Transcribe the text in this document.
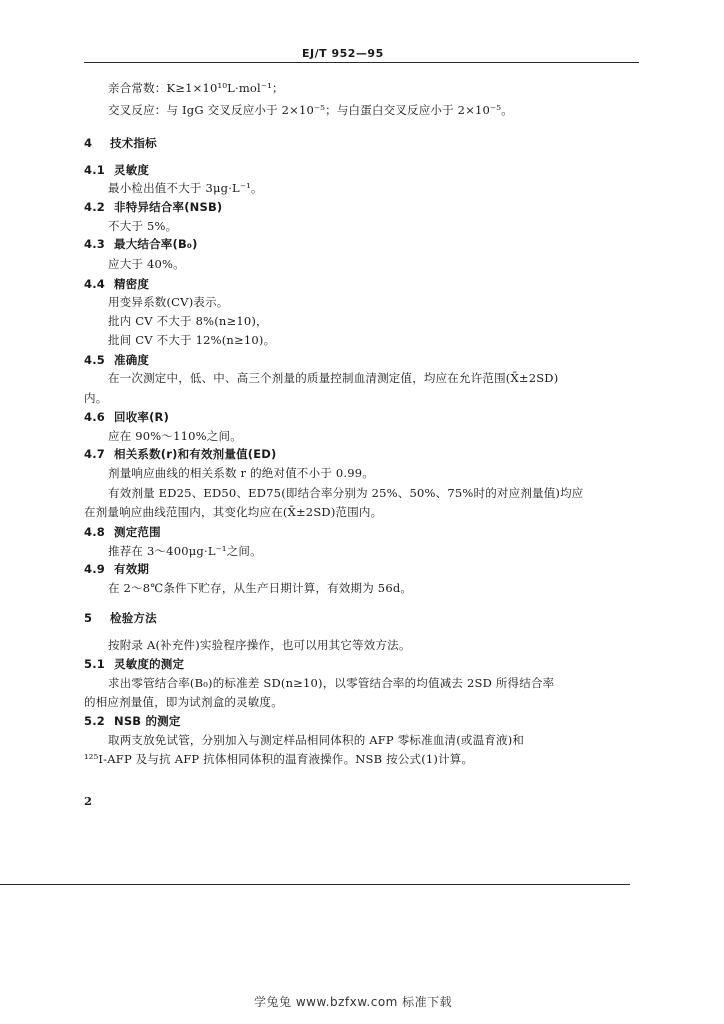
EJ/T 952—95
亲合常数：K≥1×10¹⁰L·mol⁻¹；
交叉反应：与 IgG 交叉反应小于 2×10⁻⁵；与白蛋白交叉反应小于 2×10⁻⁵。
4 技术指标
4.1 灵敏度
最小检出值不大于 3μg·L⁻¹。
4.2 非特异结合率(NSB)
不大于 5%。
4.3 最大结合率(B₀)
应大于 40%。
4.4 精密度
用变异系数(CV)表示。
批内 CV 不大于 8%(n≥10)，
批间 CV 不大于 12%(n≥10)。
4.5 准确度
在一次测定中，低、中、高三个剂量的质量控制血清测定值，均应在允许范围(X̄±2SD)
内。
4.6 回收率(R)
应在 90%～110%之间。
4.7 相关系数(r)和有效剂量值(ED)
剂量响应曲线的相关系数 r 的绝对值不小于 0.99。
有效剂量 ED25、ED50、ED75(即结合率分别为 25%、50%、75%时的对应剂量值)均应
在剂量响应曲线范围内，其变化均应在(X̄±2SD)范围内。
4.8 测定范围
推荐在 3～400μg·L⁻¹之间。
4.9 有效期
在 2～8℃条件下贮存，从生产日期计算，有效期为 56d。
5 检验方法
按附录 A(补充件)实验程序操作，也可以用其它等效方法。
5.1 灵敏度的测定
求出零管结合率(B₀)的标准差 SD(n≥10)，以零管结合率的均值减去 2SD 所得结合率
的相应剂量值，即为试剂盒的灵敏度。
5.2 NSB 的测定
取两支放免试管，分别加入与测定样品相同体积的 AFP 零标准血清(或温育液)和
¹²⁵I-AFP 及与抗 AFP 抗体相同体积的温育液操作。NSB 按公式(1)计算。
2
学兔兔 www.bzfxw.com 标准下载
